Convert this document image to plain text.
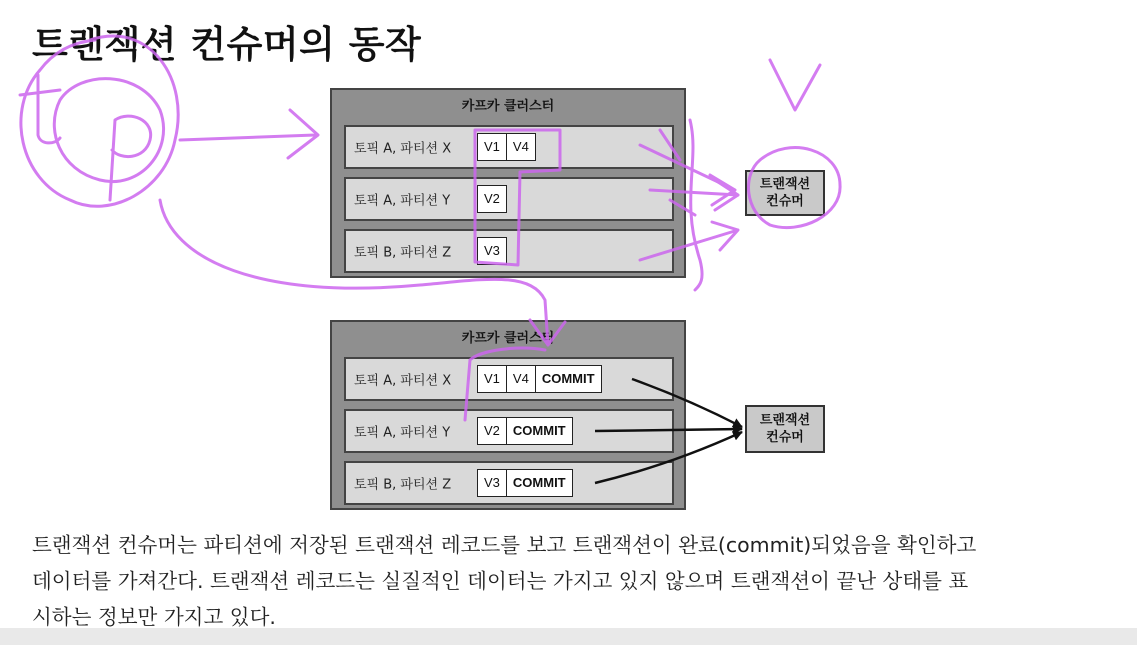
트랜잭션 컨슈머의 동작
카프카 클러스터
토픽 A, 파티션 X	V1	V4
토픽 A, 파티션 Y	V2
토픽 B, 파티션 Z	V3
트랜잭션
컨슈머
카프카 클러스터
토픽 A, 파티션 X	V1	V4	COMMIT
토픽 A, 파티션 Y	V2	COMMIT
토픽 B, 파티션 Z	V3	COMMIT
트랜잭션
컨슈머

트랜잭션 컨슈머는 파티션에 저장된 트랜잭션 레코드를 보고 트랜잭션이 완료(commit)되었음을 확인하고

데이터를 가져간다. 트랜잭션 레코드는 실질적인 데이터는 가지고 있지 않으며 트랜잭션이 끝난 상태를 표

시하는 정보만 가지고 있다.
